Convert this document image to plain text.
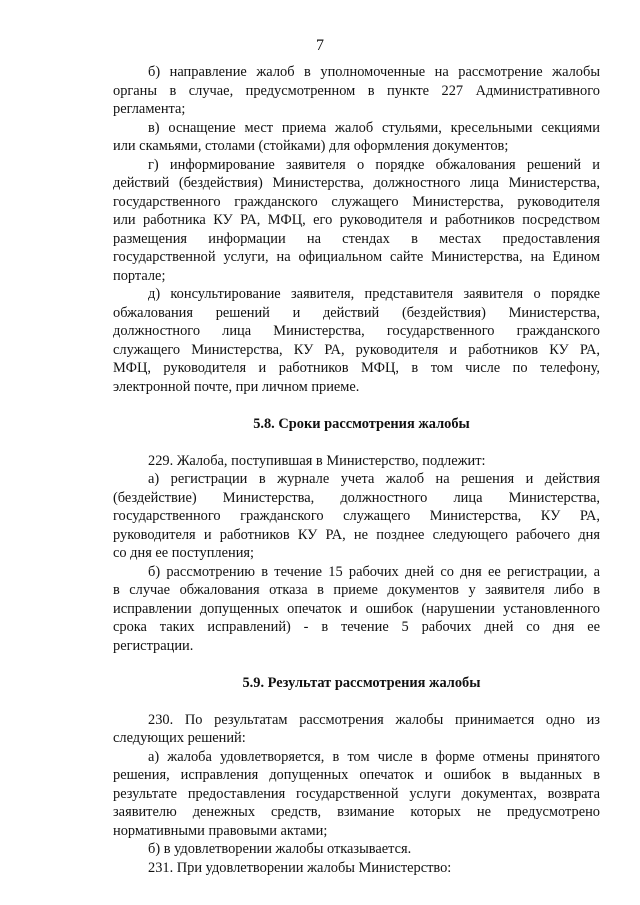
7

б) направление жалоб в уполномоченные на рассмотрение жалобы

органы в случае, предусмотренном в пункте 227 Административного

регламента;

в) оснащение мест приема жалоб стульями, кресельными секциями

или скамьями, столами (стойками) для оформления документов;

г) информирование заявителя о порядке обжалования решений и

действий (бездействия) Министерства, должностного лица Министерства,

государственного гражданского служащего Министерства, руководителя

или работника КУ РА, МФЦ, его руководителя и работников посредством

размещения информации на стендах в местах предоставления

государственной услуги, на официальном сайте Министерства, на Едином

портале;

д) консультирование заявителя, представителя заявителя о порядке

обжалования решений и действий (бездействия) Министерства,

должностного лица Министерства, государственного гражданского

служащего Министерства, КУ РА, руководителя и работников КУ РА,

МФЦ, руководителя и работников МФЦ, в том числе по телефону,

электронной почте, при личном приеме.

5.8. Сроки рассмотрения жалобы

229. Жалоба, поступившая в Министерство, подлежит:

а) регистрации в журнале учета жалоб на решения и действия

(бездействие) Министерства, должностного лица Министерства,

государственного гражданского служащего Министерства, КУ РА,

руководителя и работников КУ РА, не позднее следующего рабочего дня

со дня ее поступления;

б) рассмотрению в течение 15 рабочих дней со дня ее регистрации, а

в случае обжалования отказа в приеме документов у заявителя либо в

исправлении допущенных опечаток и ошибок (нарушении установленного

срока таких исправлений) - в течение 5 рабочих дней со дня ее

регистрации.

5.9. Результат рассмотрения жалобы

230. По результатам рассмотрения жалобы принимается одно из

следующих решений:

а) жалоба удовлетворяется, в том числе в форме отмены принятого

решения, исправления допущенных опечаток и ошибок в выданных в

результате предоставления государственной услуги документах, возврата

заявителю денежных средств, взимание которых не предусмотрено

нормативными правовыми актами;

б) в удовлетворении жалобы отказывается.

231. При удовлетворении жалобы Министерство:
